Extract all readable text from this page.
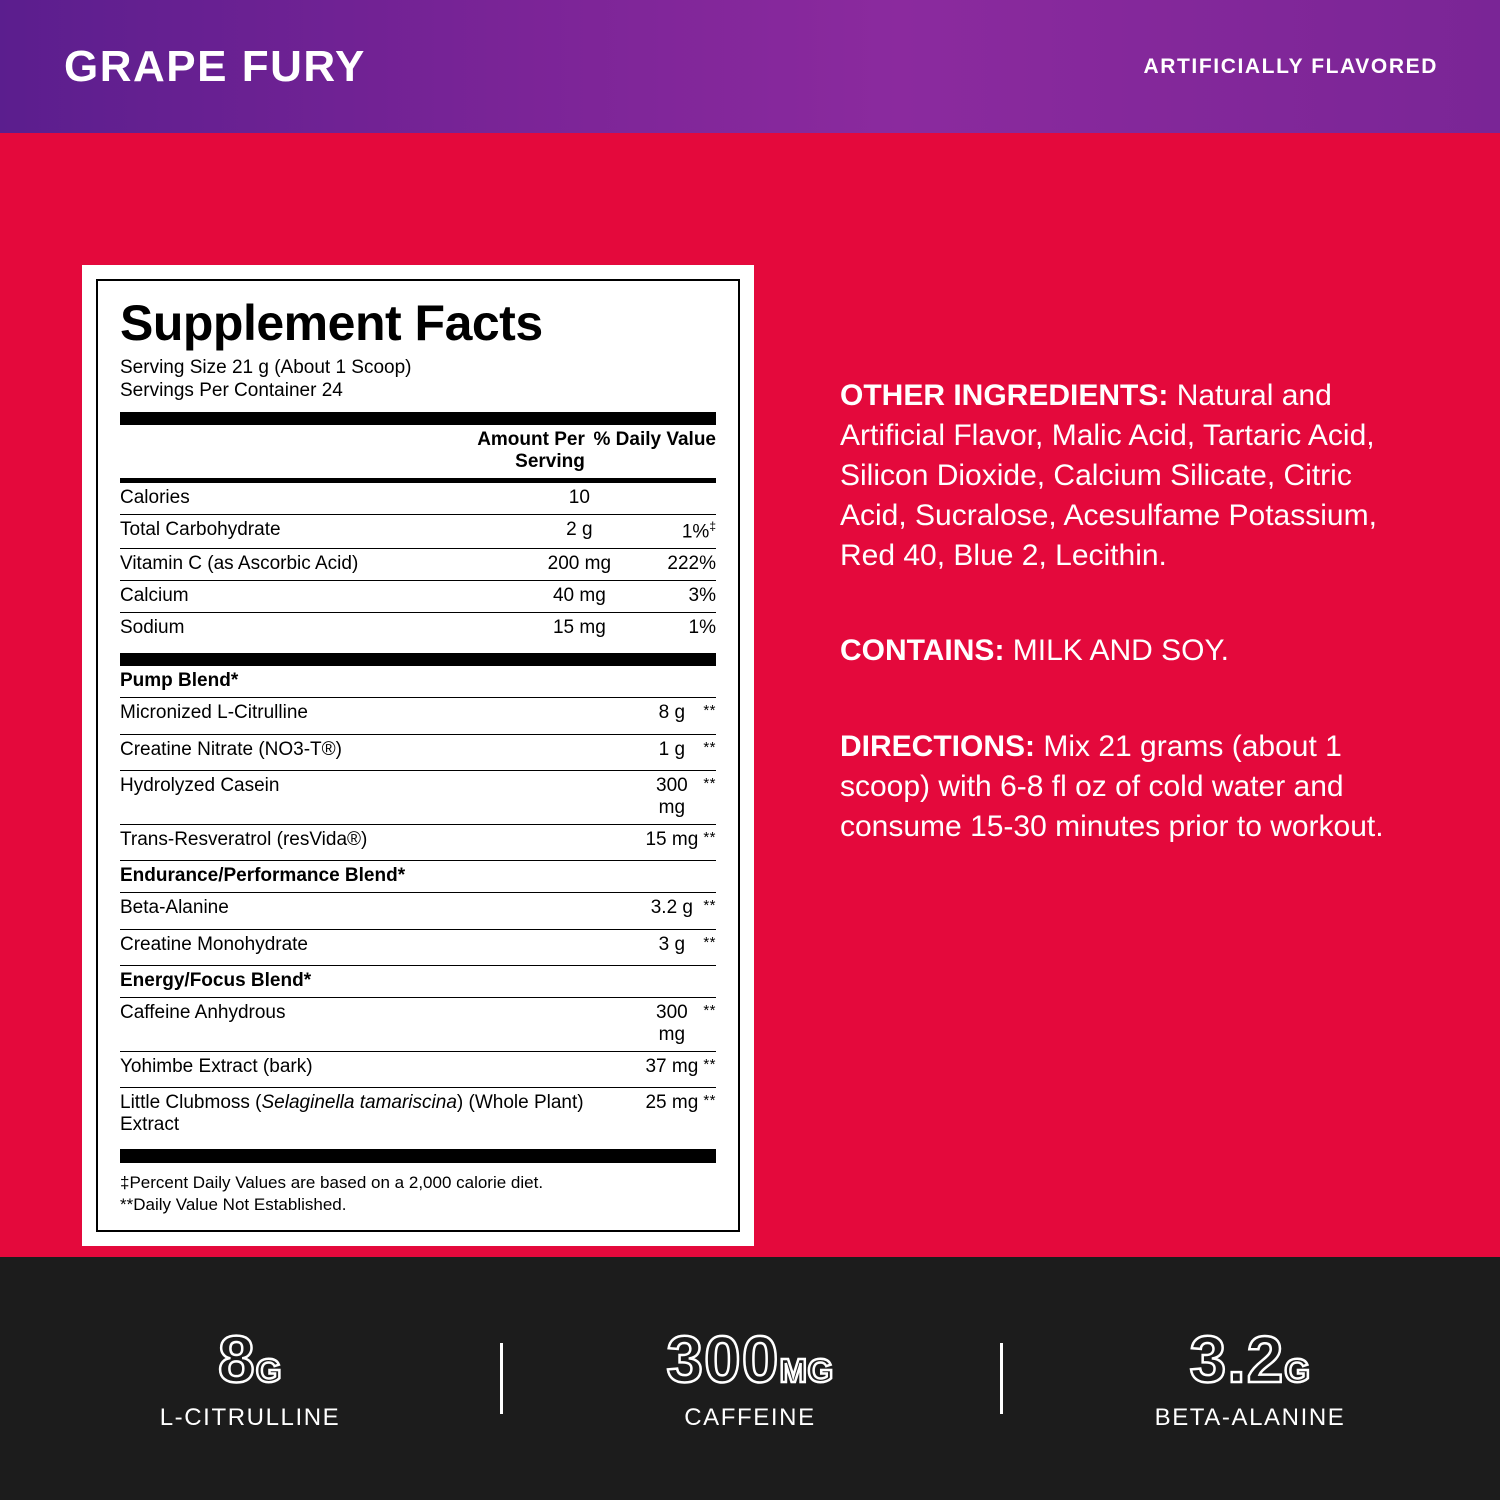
GRAPE FURY	ARTIFICIALLY FLAVORED
Supplement Facts
Serving Size 21 g (About 1 Scoop)
Servings Per Container 24
	Amount Per Serving	% Daily Value
Calories	10	
Total Carbohydrate	2 g	1%‡
Vitamin C (as Ascorbic Acid)	200 mg	222%
Calcium	40 mg	3%
Sodium	15 mg	1%
Pump Blend*		
Micronized L-Citrulline	8 g	**
Creatine Nitrate (NO3-T®)	1 g	**
Hydrolyzed Casein	300 mg	**
Trans-Resveratrol (resVida®)	15 mg	**
Endurance/Performance Blend*		
Beta-Alanine	3.2 g	**
Creatine Monohydrate	3 g	**
Energy/Focus Blend*		
Caffeine Anhydrous	300 mg	**
Yohimbe Extract (bark)	37 mg	**
Little Clubmoss (Selaginella tamariscina) (Whole Plant) Extract	25 mg	**
‡Percent Daily Values are based on a 2,000 calorie diet.
**Daily Value Not Established.
OTHER INGREDIENTS: Natural and Artificial Flavor, Malic Acid, Tartaric Acid, Silicon Dioxide, Calcium Silicate, Citric Acid, Sucralose, Acesulfame Potassium, Red 40, Blue 2, Lecithin.
CONTAINS: MILK AND SOY.
DIRECTIONS: Mix 21 grams (about 1 scoop) with 6-8 fl oz of cold water and consume 15-30 minutes prior to workout.
8G
L-CITRULLINE
300MG
CAFFEINE
3.2G
BETA-ALANINE
